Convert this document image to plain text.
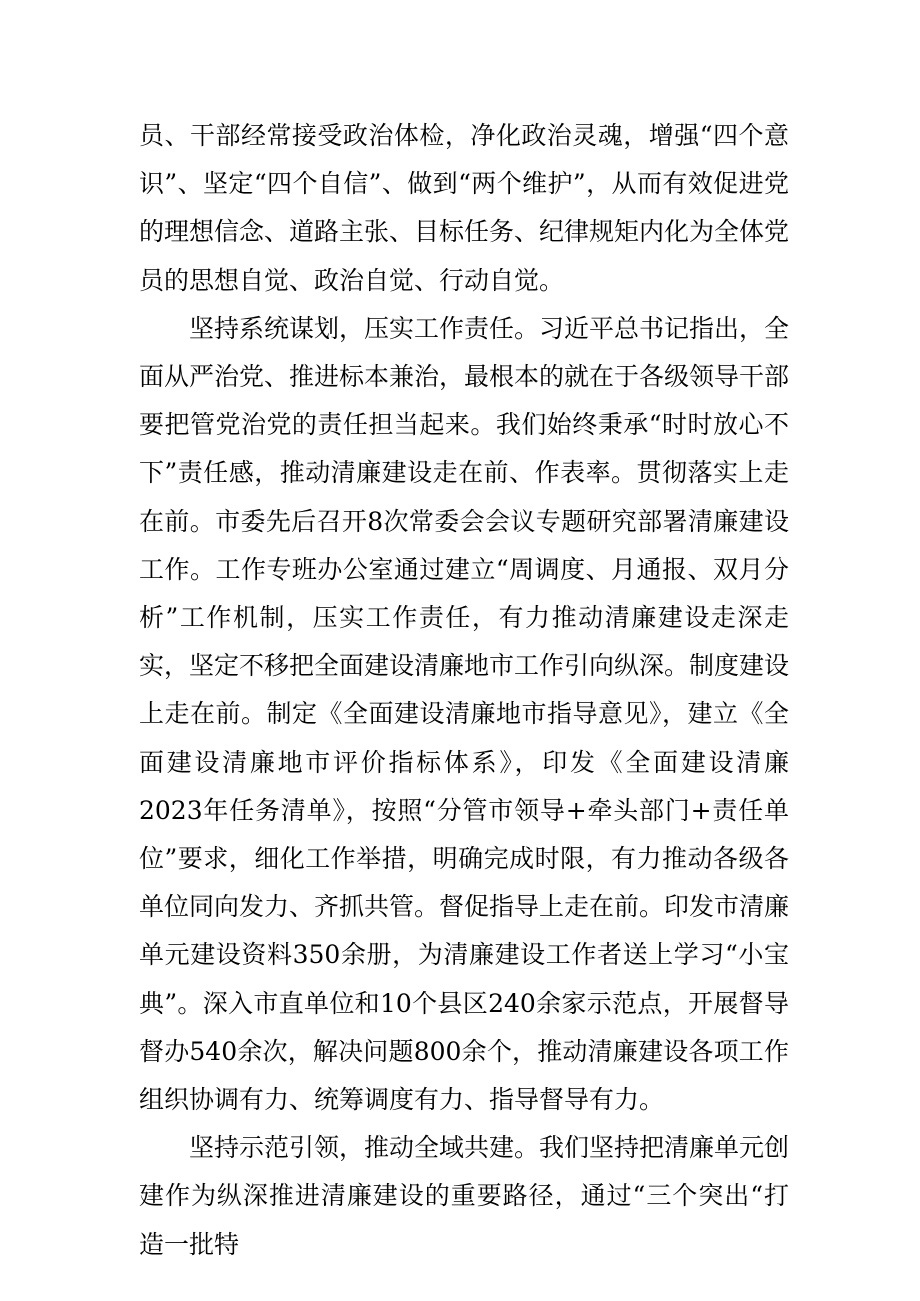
员、干部经常接受政治体检，净化政治灵魂，增强“四个意识”、坚定“四个自信”、做到“两个维护”，从而有效促进党的理想信念、道路主张、目标任务、纪律规矩内化为全体党员的思想自觉、政治自觉、行动自觉。

坚持系统谋划，压实工作责任。习近平总书记指出，全面从严治党、推进标本兼治，最根本的就在于各级领导干部要把管党治党的责任担当起来。我们始终秉承“时时放心不下”责任感，推动清廉建设走在前、作表率。贯彻落实上走在前。市委先后召开8次常委会会议专题研究部署清廉建设工作。工作专班办公室通过建立“周调度、月通报、双月分析”工作机制，压实工作责任，有力推动清廉建设走深走实，坚定不移把全面建设清廉地市工作引向纵深。制度建设上走在前。制定《全面建设清廉地市指导意见》，建立《全面建设清廉地市评价指标体系》，印发《全面建设清廉2023年任务清单》，按照“分管市领导+牵头部门+责任单位”要求，细化工作举措，明确完成时限，有力推动各级各单位同向发力、齐抓共管。督促指导上走在前。印发市清廉单元建设资料350余册，为清廉建设工作者送上学习“小宝典”。深入市直单位和10个县区240余家示范点，开展督导督办540余次，解决问题800余个，推动清廉建设各项工作组织协调有力、统筹调度有力、指导督导有力。

坚持示范引领，推动全域共建。我们坚持把清廉单元创建作为纵深推进清廉建设的重要路径，通过“三个突出“打造一批特
